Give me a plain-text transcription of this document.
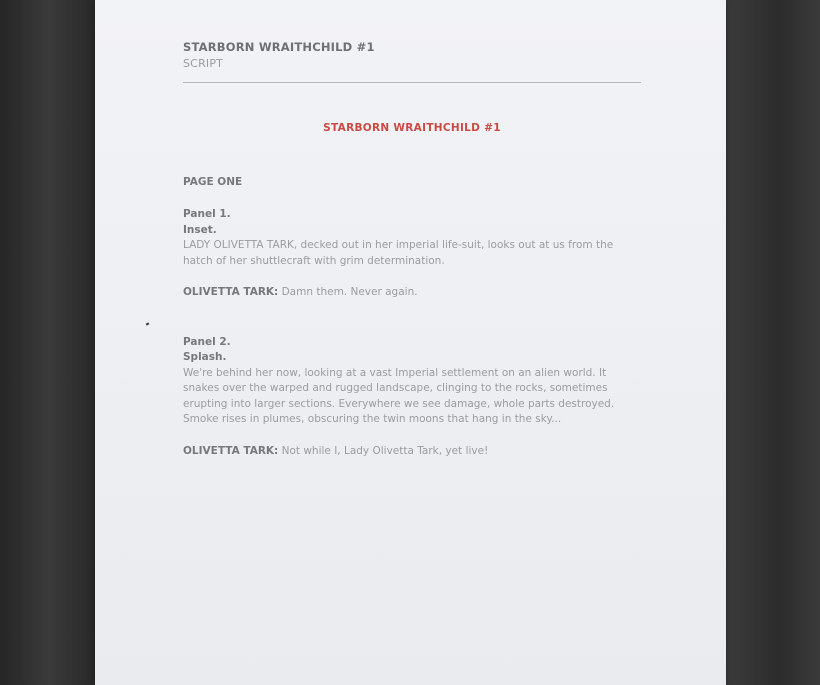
STARBORN WRAITHCHILD #1

SCRIPT

STARBORN WRAITHCHILD #1
PAGE ONE
Panel 1.
Inset.

LADY OLIVETTA TARK, decked out in her imperial life-suit, looks out at us from the hatch of her shuttlecraft with grim determination.

OLIVETTA TARK: Damn them. Never again.
Panel 2.
Splash.

We're behind her now, looking at a vast Imperial settlement on an alien world. It snakes over the warped and rugged landscape, clinging to the rocks, sometimes erupting into larger sections. Everywhere we see damage, whole parts destroyed. Smoke rises in plumes, obscuring the twin moons that hang in the sky...

OLIVETTA TARK: Not while I, Lady Olivetta Tark, yet live!
